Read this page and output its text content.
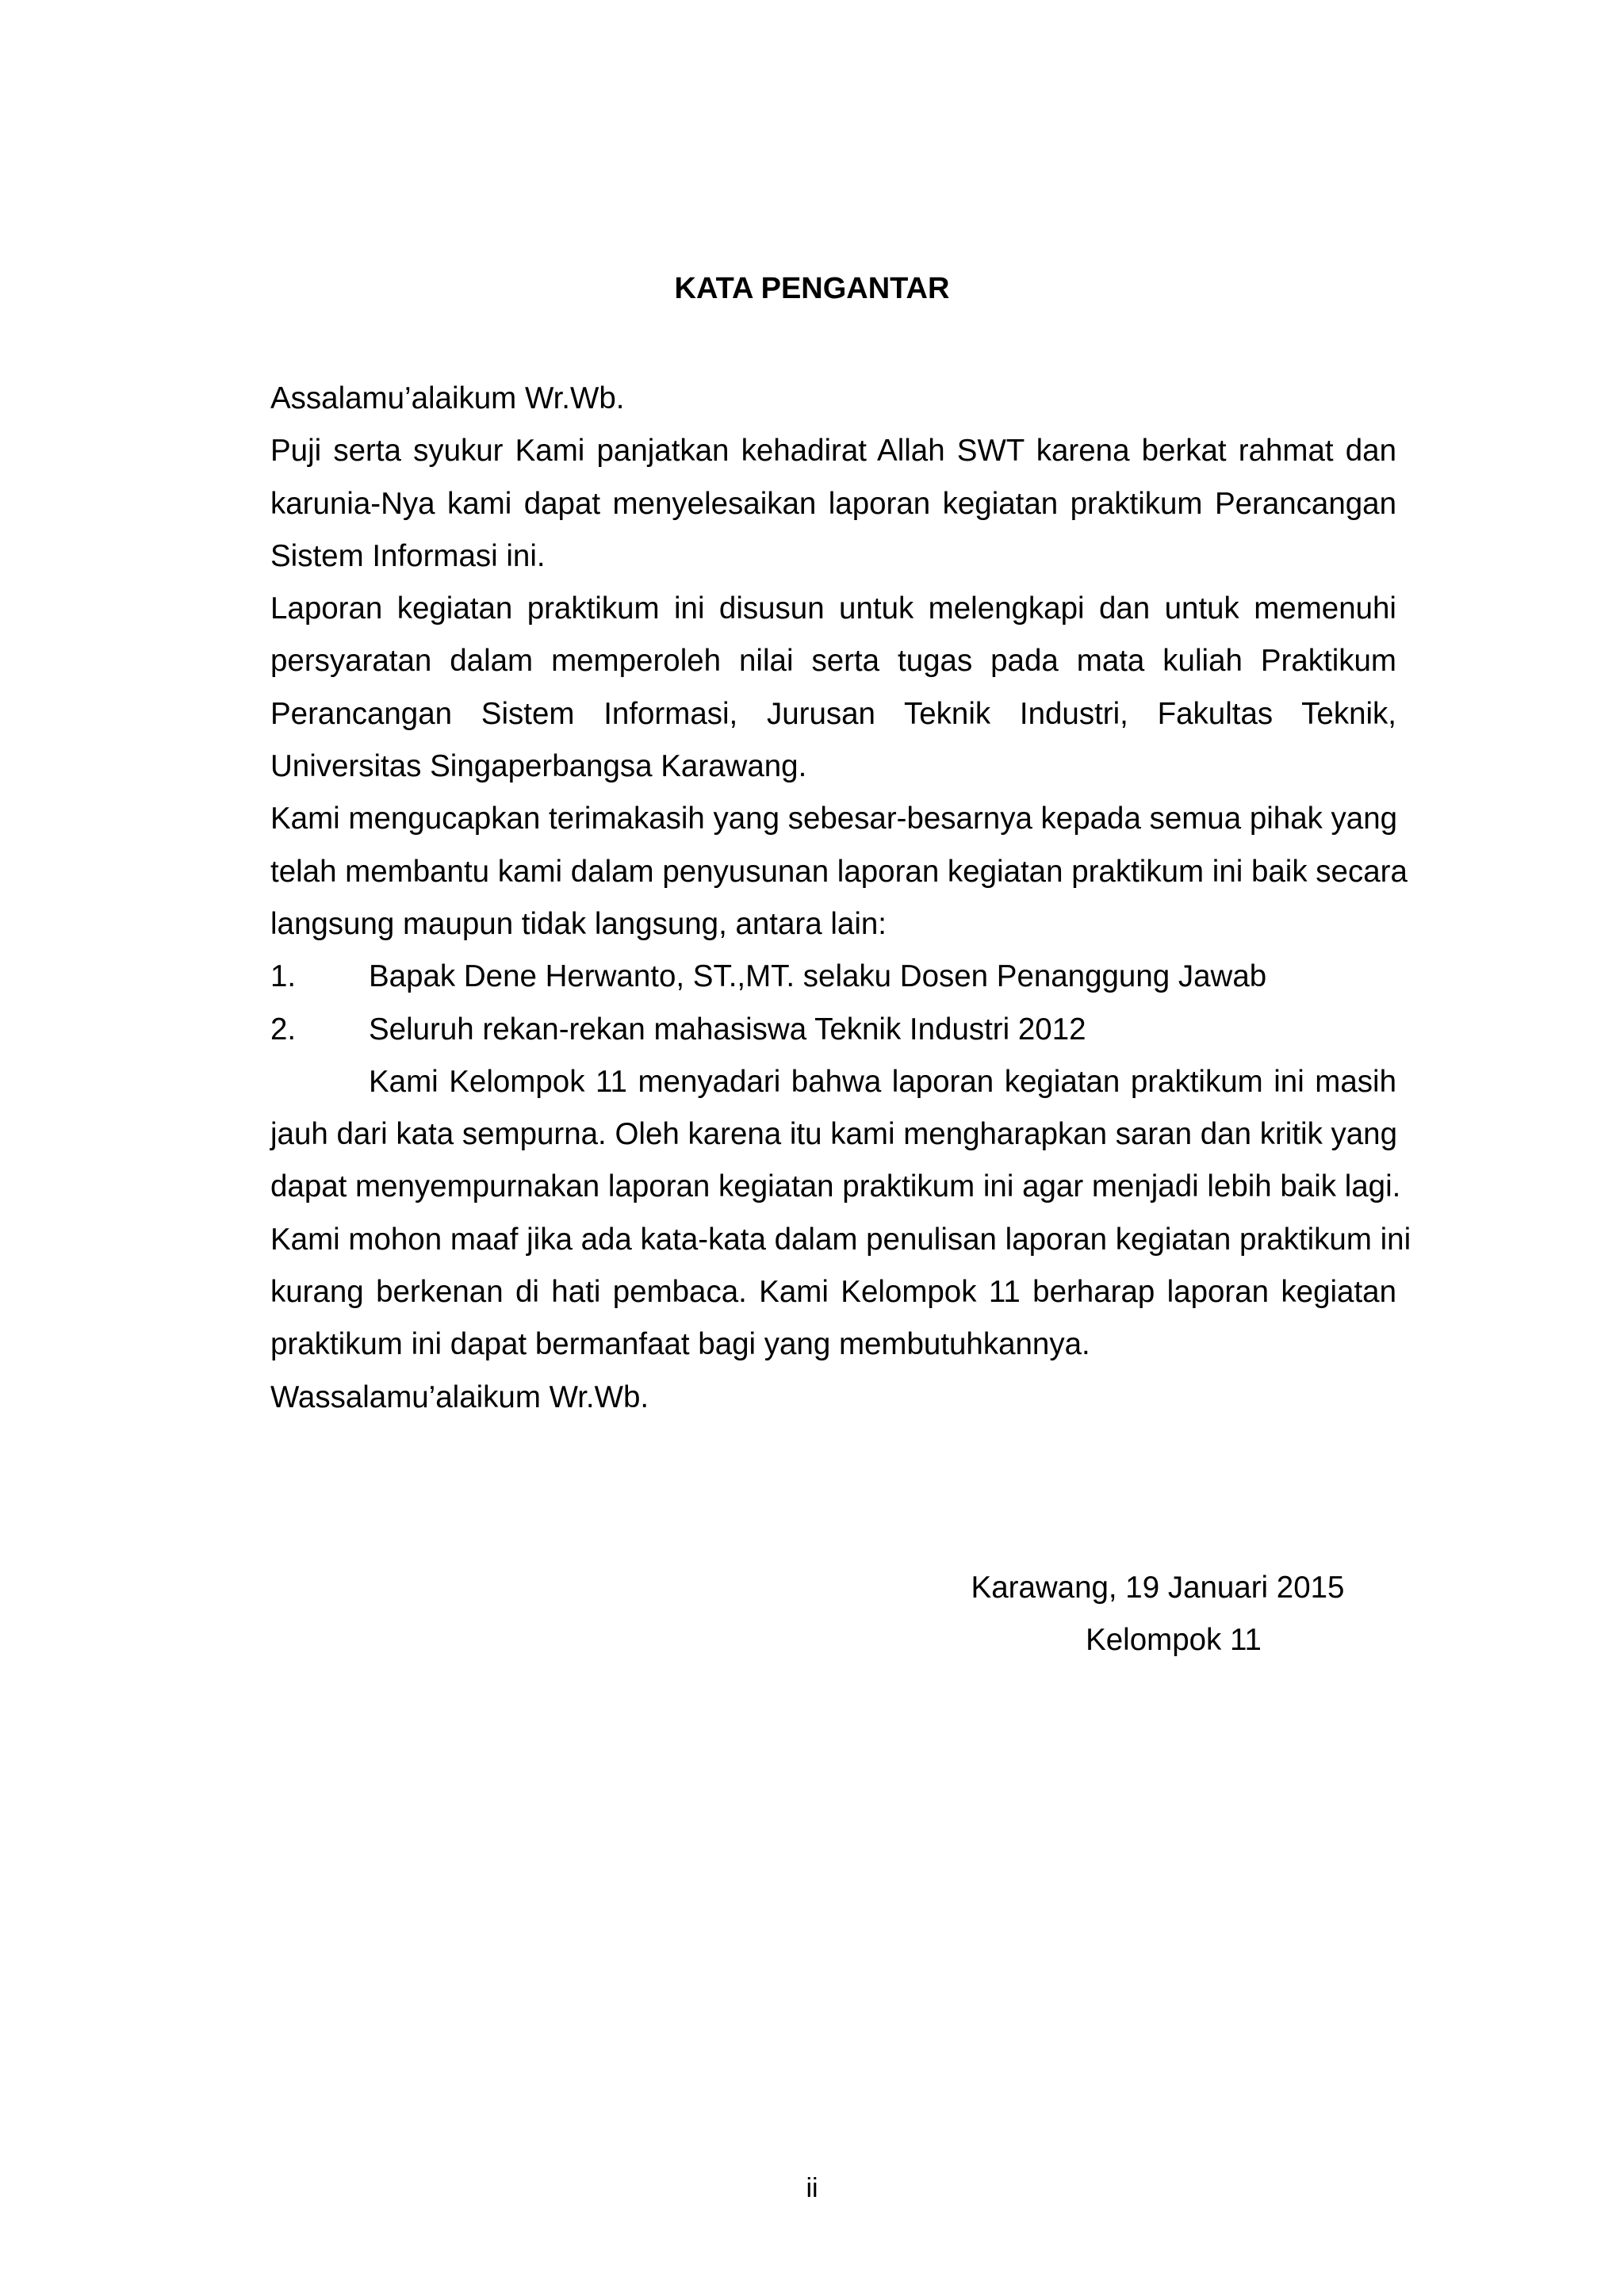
KATA PENGANTAR
Assalamu’alaikum Wr.Wb.
Puji serta syukur Kami panjatkan kehadirat Allah SWT karena berkat rahmat dan
karunia-Nya kami dapat menyelesaikan laporan kegiatan praktikum Perancangan
Sistem Informasi ini.
Laporan kegiatan praktikum ini disusun untuk melengkapi dan untuk memenuhi
persyaratan dalam memperoleh nilai serta tugas pada mata kuliah Praktikum
Perancangan Sistem Informasi, Jurusan Teknik Industri, Fakultas Teknik,
Universitas Singaperbangsa Karawang.
Kami mengucapkan terimakasih yang sebesar-besarnya kepada semua pihak yang
telah membantu kami dalam penyusunan laporan kegiatan praktikum ini baik secara
langsung maupun tidak langsung, antara lain:
1. Bapak Dene Herwanto, ST.,MT. selaku Dosen Penanggung Jawab
2. Seluruh rekan-rekan mahasiswa Teknik Industri 2012
Kami Kelompok 11 menyadari bahwa laporan kegiatan praktikum ini masih
jauh dari kata sempurna. Oleh karena itu kami mengharapkan saran dan kritik yang
dapat menyempurnakan laporan kegiatan praktikum ini agar menjadi lebih baik lagi.
Kami mohon maaf jika ada kata-kata dalam penulisan laporan kegiatan praktikum ini
kurang berkenan di hati pembaca. Kami Kelompok 11 berharap laporan kegiatan
praktikum ini dapat bermanfaat bagi yang membutuhkannya.
Wassalamu’alaikum Wr.Wb.
Karawang, 19 Januari 2015
Kelompok 11
ii
